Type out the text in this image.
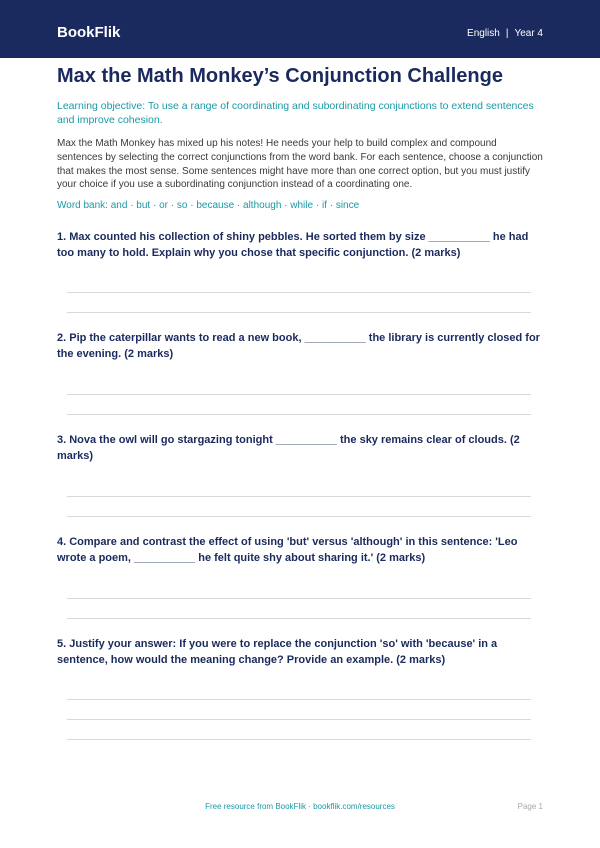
BookFlik	English | Year 4
Max the Math Monkey’s Conjunction Challenge
Learning objective: To use a range of coordinating and subordinating conjunctions to extend sentences and improve cohesion.
Max the Math Monkey has mixed up his notes! He needs your help to build complex and compound sentences by selecting the correct conjunctions from the word bank. For each sentence, choose a conjunction that makes the most sense. Some sentences might have more than one correct option, but you must justify your choice if you use a subordinating conjunction instead of a coordinating one.
Word bank: and · but · or · so · because · although · while · if · since
1. Max counted his collection of shiny pebbles. He sorted them by size __________ he had too many to hold. Explain why you chose that specific conjunction. (2 marks)
2. Pip the caterpillar wants to read a new book, __________ the library is currently closed for the evening. (2 marks)
3. Nova the owl will go stargazing tonight __________ the sky remains clear of clouds. (2 marks)
4. Compare and contrast the effect of using 'but' versus 'although' in this sentence: 'Leo wrote a poem, __________ he felt quite shy about sharing it.' (2 marks)
5. Justify your answer: If you were to replace the conjunction 'so' with 'because' in a sentence, how would the meaning change? Provide an example. (2 marks)
Free resource from BookFlik · bookflik.com/resources	Page 1
